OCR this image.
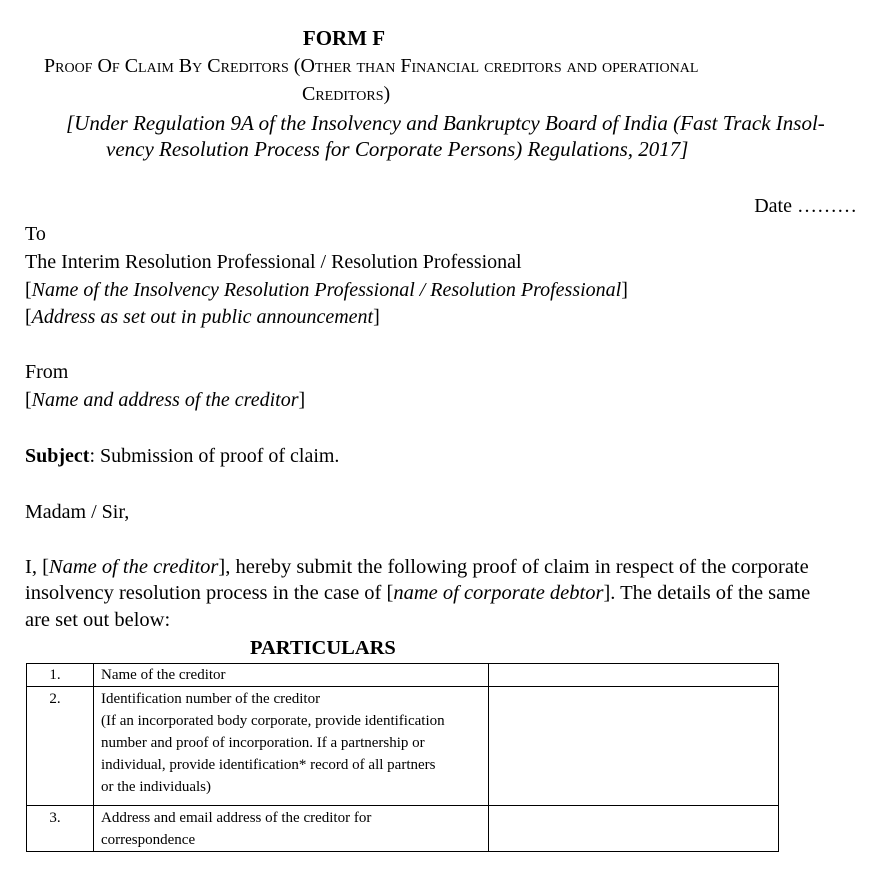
FORM F
Proof Of Claim By Creditors (Other than Financial creditors and operational
Creditors)
[Under Regulation 9A of the Insolvency and Bankruptcy Board of India (Fast Track Insol-
vency Resolution Process for Corporate Persons) Regulations, 2017]
Date ………
To
The Interim Resolution Professional / Resolution Professional
[Name of the Insolvency Resolution Professional / Resolution Professional]
[Address as set out in public announcement]
From
[Name and address of the creditor]
Subject: Submission of proof of claim.
Madam / Sir,
I, [Name of the creditor], hereby submit the following proof of claim in respect of the corporate
insolvency resolution process in the case of [name of corporate debtor]. The details of the same
are set out below:
PARTICULARS
1.	Name of the creditor	

2.	Identification number of the creditor
(If an incorporated body corporate, provide identification
number and proof of incorporation. If a partnership or
individual, provide identification* record of all partners
or the individuals)	

3.	Address and email address of the creditor for
correspondence	
